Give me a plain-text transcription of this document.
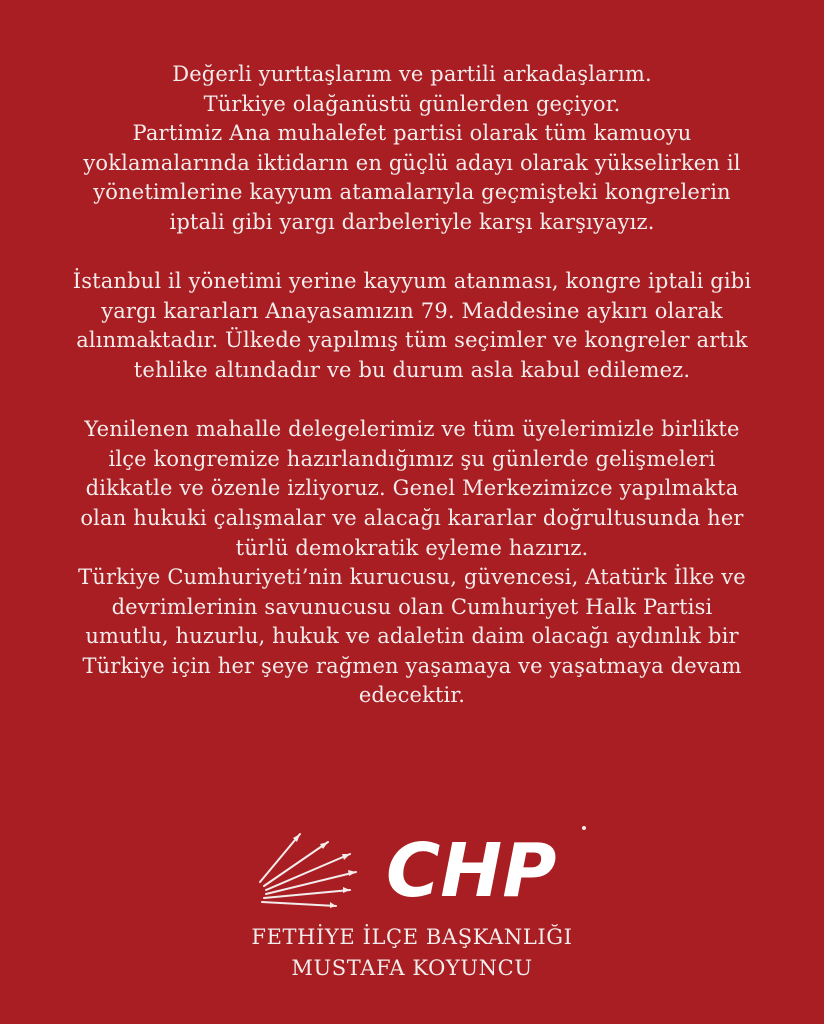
Değerli yurttaşlarım ve partili arkadaşlarım.
Türkiye olağanüstü günlerden geçiyor.
Partimiz Ana muhalefet partisi olarak tüm kamuoyu
yoklamalarında iktidarın en güçlü adayı olarak yükselirken il
yönetimlerine kayyum atamalarıyla geçmişteki kongrelerin
iptali gibi yargı darbeleriyle karşı karşıyayız.

İstanbul il yönetimi yerine kayyum atanması, kongre iptali gibi
yargı kararları Anayasamızın 79. Maddesine aykırı olarak
alınmaktadır. Ülkede yapılmış tüm seçimler ve kongreler artık
tehlike altındadır ve bu durum asla kabul edilemez.

Yenilenen mahalle delegelerimiz ve tüm üyelerimizle birlikte
ilçe kongremize hazırlandığımız şu günlerde gelişmeleri
dikkatle ve özenle izliyoruz. Genel Merkezimizce yapılmakta
olan hukuki çalışmalar ve alacağı kararlar doğrultusunda her
türlü demokratik eyleme hazırız.
Türkiye Cumhuriyeti’nin kurucusu, güvencesi, Atatürk İlke ve
devrimlerinin savunucusu olan Cumhuriyet Halk Partisi
umutlu, huzurlu, hukuk ve adaletin daim olacağı aydınlık bir
Türkiye için her şeye rağmen yaşamaya ve yaşatmaya devam
edecektir.

CHP
FETHİYE İLÇE BAŞKANLIĞI
MUSTAFA KOYUNCU
